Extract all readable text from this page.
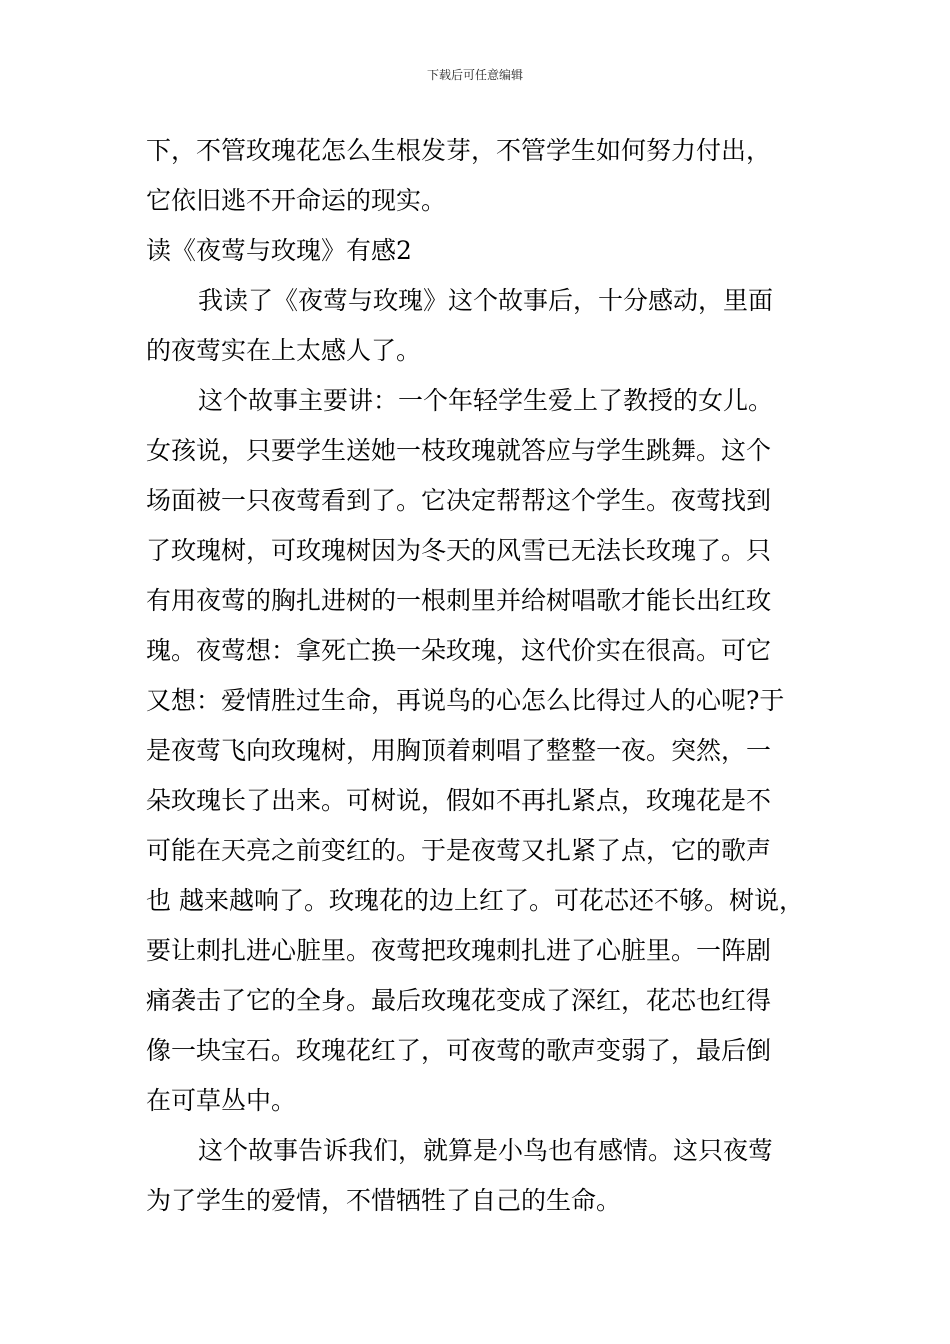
下载后可任意编辑
下，不管玫瑰花怎么生根发芽，不管学生如何努力付出，
它依旧逃不开命运的现实。
读《夜莺与玫瑰》有感2
我读了《夜莺与玫瑰》这个故事后，十分感动，里面
的夜莺实在上太感人了。
这个故事主要讲：一个年轻学生爱上了教授的女儿。
女孩说，只要学生送她一枝玫瑰就答应与学生跳舞。这个
场面被一只夜莺看到了。它决定帮帮这个学生。夜莺找到
了玫瑰树，可玫瑰树因为冬天的风雪已无法长玫瑰了。只
有用夜莺的胸扎进树的一根刺里并给树唱歌才能长出红玫
瑰。夜莺想：拿死亡换一朵玫瑰，这代价实在很高。可它
又想：爱情胜过生命，再说鸟的心怎么比得过人的心呢?于
是夜莺飞向玫瑰树，用胸顶着刺唱了整整一夜。突然，一
朵玫瑰长了出来。可树说，假如不再扎紧点，玫瑰花是不
可能在天亮之前变红的。于是夜莺又扎紧了点，它的歌声
也 越来越响了。玫瑰花的边上红了。可花芯还不够。树说，
要让刺扎进心脏里。夜莺把玫瑰刺扎进了心脏里。一阵剧
痛袭击了它的全身。最后玫瑰花变成了深红，花芯也红得
像一块宝石。玫瑰花红了，可夜莺的歌声变弱了，最后倒
在可草丛中。
这个故事告诉我们，就算是小鸟也有感情。这只夜莺
为了学生的爱情，不惜牺牲了自己的生命。
